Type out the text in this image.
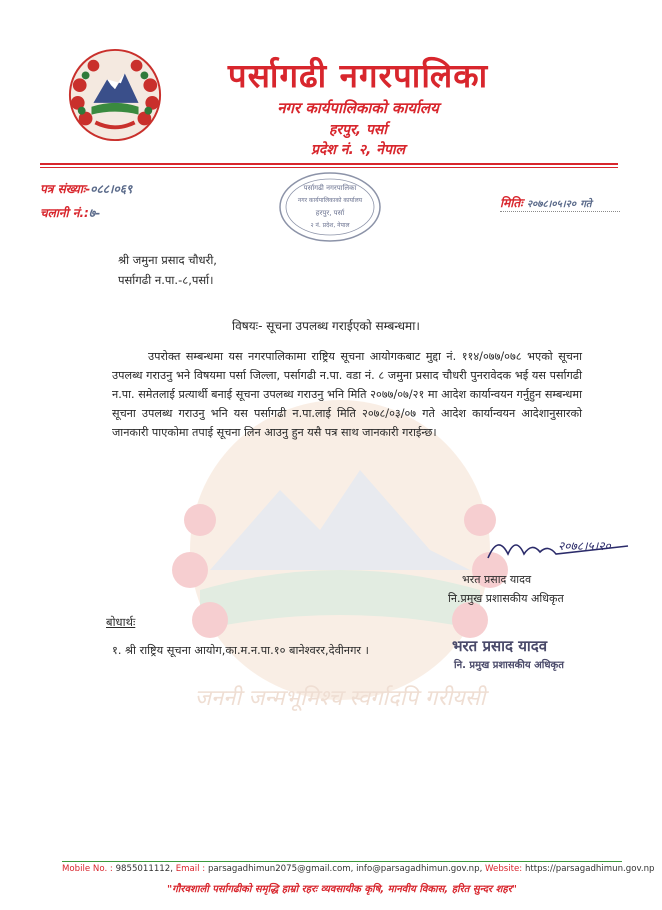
जननी जन्मभूमिश्च स्वर्गादपि गरीयसी
पर्सागढी नगरपालिका
नगर कार्यपालिकाको कार्यालय
हरपुर, पर्सा
प्रदेश नं. २, नेपाल
पत्र संख्याः-०८८।०६९
चलानी नं.:७-
मितिः २०७८।०५।२० गते
पर्सागढी नगरपालिका
नगर कार्यपालिकाको कार्यालय
हरपुर, पर्सा
२ नं. प्रदेश, नेपाल
श्री जमुना प्रसाद चौधरी,
पर्सागढी न.पा.-८,पर्सा।
विषयः- सूचना उपलब्ध गराईएको सम्बन्धमा।
उपरोक्त सम्बन्धमा यस नगरपालिकामा राष्ट्रिय सूचना आयोगकबाट मुद्दा नं. ११४/०७७/०७८ भएको सूचना उपलब्ध गराउनु भने विषयमा पर्सा जिल्ला, पर्सागढी न.पा. वडा नं. ८ जमुना प्रसाद चौधरी पुनरावेदक भई यस पर्सागढी न.पा. समेतलाई प्रत्यार्थी बनाई सूचना उपलब्ध गराउनु भनि मिति २०७७/०७/२१ मा आदेश कार्यान्वयन गर्नुहुन सम्बन्धमा सूचना उपलब्ध गराउनु भनि यस पर्सागढी न.पा.लाई मिति २०७८/०३/०७ गते आदेश कार्यान्वयन आदेशानुसारको जानकारी पाएकोमा तपाई सूचना लिन आउनु हुन यसै पत्र साथ जानकारी गराईन्छ।
२०७८।५।२०
भरत प्रसाद यादव
नि.प्रमुख प्रशासकीय अधिकृत
बोधार्थः
१. श्री राष्ट्रिय सूचना आयोग,का.म.न.पा.१० बानेश्वरर,देवीनगर ।	भरत प्रसाद यादव
नि. प्रमुख प्रशासकीय अधिकृत
Mobile No. : 9855011112, Email : parsagadhimun2075@gmail.com, info@parsagadhimun.gov.np, Website: https://parsagadhimun.gov.np
"गौरवशाली पर्सागढीको समृद्धि हाम्रो रहरः व्यवसायीक कृषि, मानवीय विकास, हरित सुन्दर शहर"
